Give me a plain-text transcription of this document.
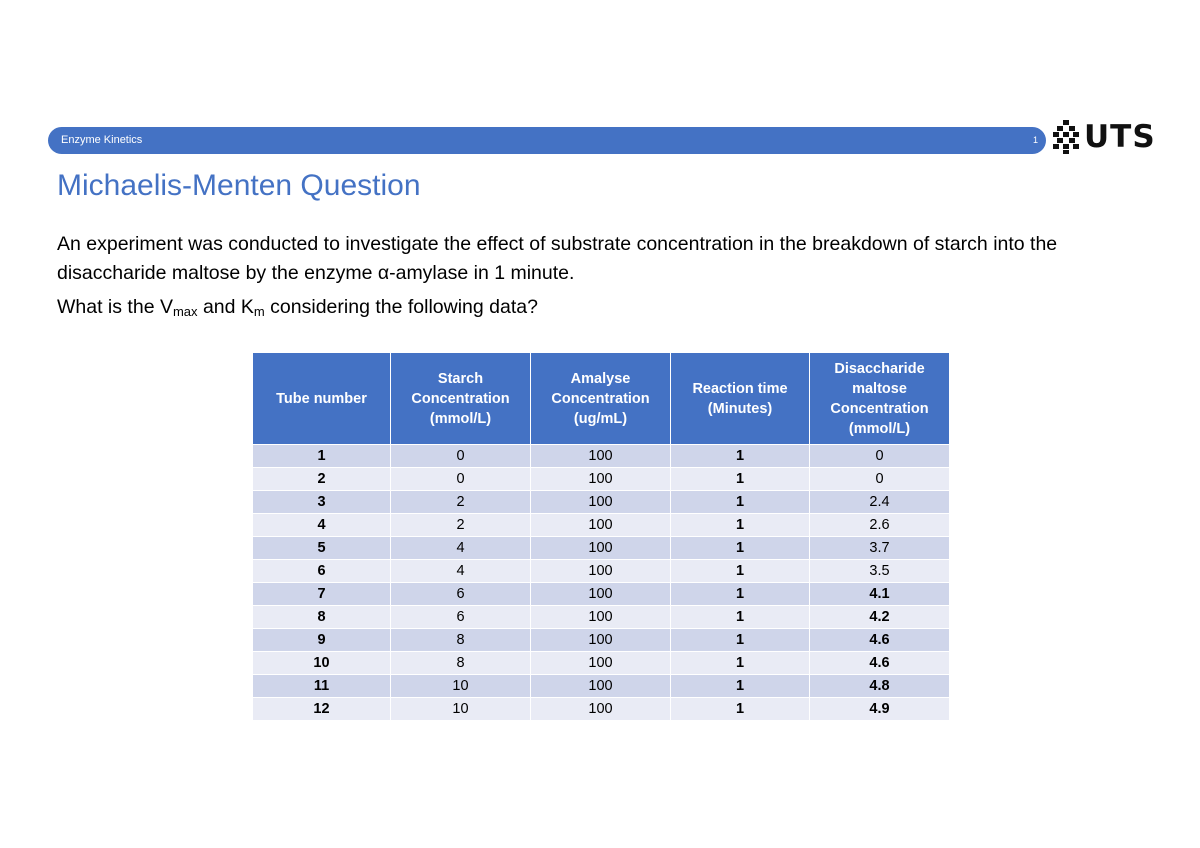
Enzyme Kinetics	1 UTS
Michaelis-Menten Question

An experiment was conducted to investigate the effect of substrate concentration in the breakdown of starch into the disaccharide maltose by the enzyme α-amylase in 1 minute.

What is the $V_{max}$ and $K_m$ considering the following data?

Tube number	Starch Concentration (mmol/L)	Amalyse Concentration (ug/mL)	Reaction time (Minutes)	Disaccharide maltose Concentration (mmol/L)
1	0	100	1	0
2	0	100	1	0
3	2	100	1	2.4
4	2	100	1	2.6
5	4	100	1	3.7
6	4	100	1	3.5
7	6	100	1	4.1
8	6	100	1	4.2
9	8	100	1	4.6
10	8	100	1	4.6
11	10	100	1	4.8
12	10	100	1	4.9
